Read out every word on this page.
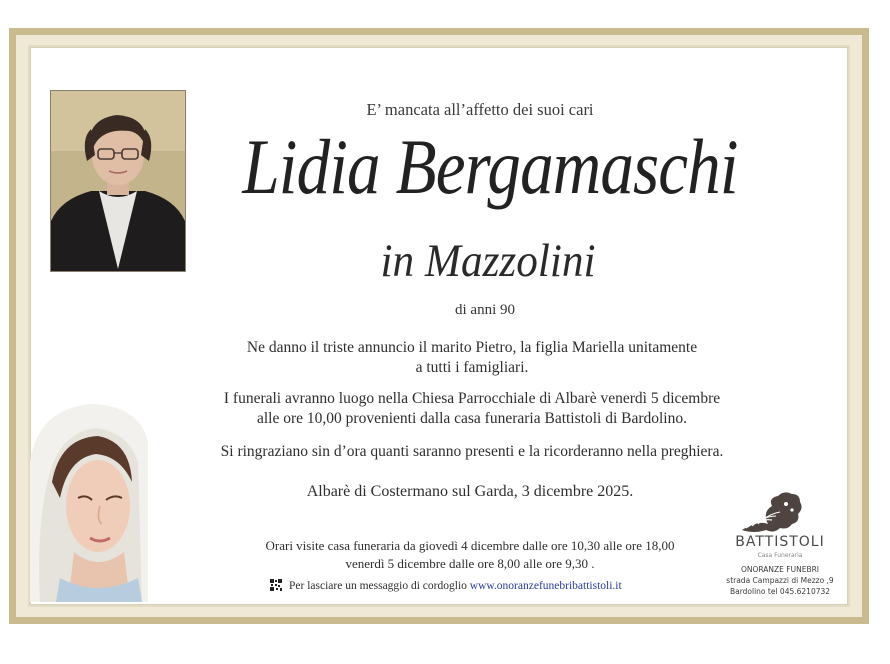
E’ mancata all’affetto dei suoi cari
Lidia Bergamaschi
in Mazzolini
di anni 90
Ne danno il triste annuncio il marito Pietro, la figlia Mariella unitamente
a tutti i famigliari.
I funerali avranno luogo nella Chiesa Parrocchiale di Albarè venerdì 5 dicembre
alle ore 10,00 provenienti dalla casa funeraria Battistoli di Bardolino.
Si ringraziano sin d’ora quanti saranno presenti e la ricorderanno nella preghiera.
Albarè di Costermano sul Garda, 3 dicembre 2025.
Orari visite casa funeraria da giovedì 4 dicembre dalle ore 10,30 alle ore 18,00
venerdì 5 dicembre dalle ore 8,00 alle ore 9,30 .
Per lasciare un messaggio di cordoglio www.onoranzefunebribattistoli.it
BATTISTOLI
Casa Funeraria
ONORANZE FUNEBRI
strada Campazzi di Mezzo ,9
Bardolino tel 045.6210732
